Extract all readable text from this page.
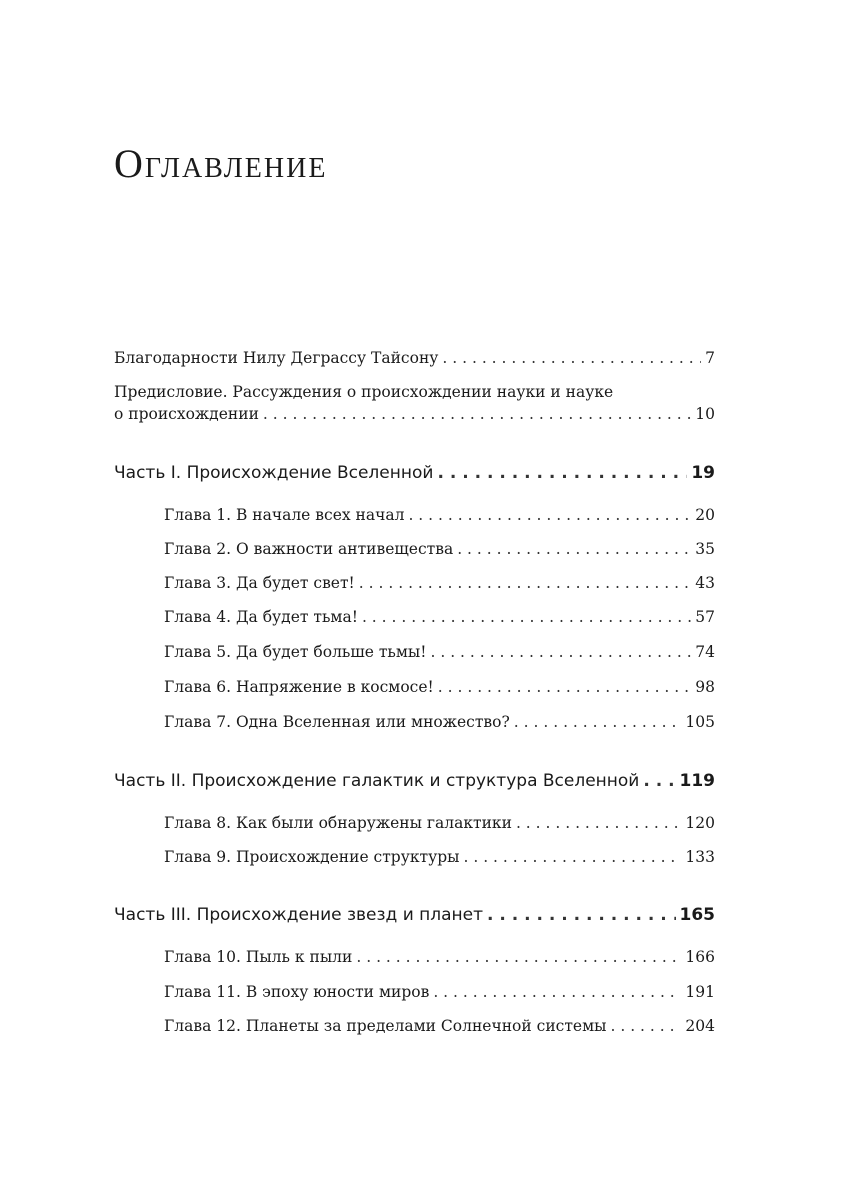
Оглавление
Благодарности Нилу Деграссу Тайсону . . .	7
Предисловие. Рассуждения о происхождении науки и науке
о происхождении . . .	10
Часть I. Происхождение Вселенной . . .	19
Глава 1. В начале всех начал . . .	20
Глава 2. О важности антивещества . . .	35
Глава 3. Да будет свет! . . .	43
Глава 4. Да будет тьма! . . .	57
Глава 5. Да будет больше тьмы! . . .	74
Глава 6. Напряжение в космосе! . . .	98
Глава 7. Одна Вселенная или множество? . . .	105
Часть II. Происхождение галактик и структура Вселенной . . . 119
Глава 8. Как были обнаружены галактики . . .	120
Глава 9. Происхождение структуры . . .	133
Часть III. Происхождение звезд и планет . . .	165
Глава 10. Пыль к пыли . . .	166
Глава 11. В эпоху юности миров . . .	191
Глава 12. Планеты за пределами Солнечной системы . . .	204
